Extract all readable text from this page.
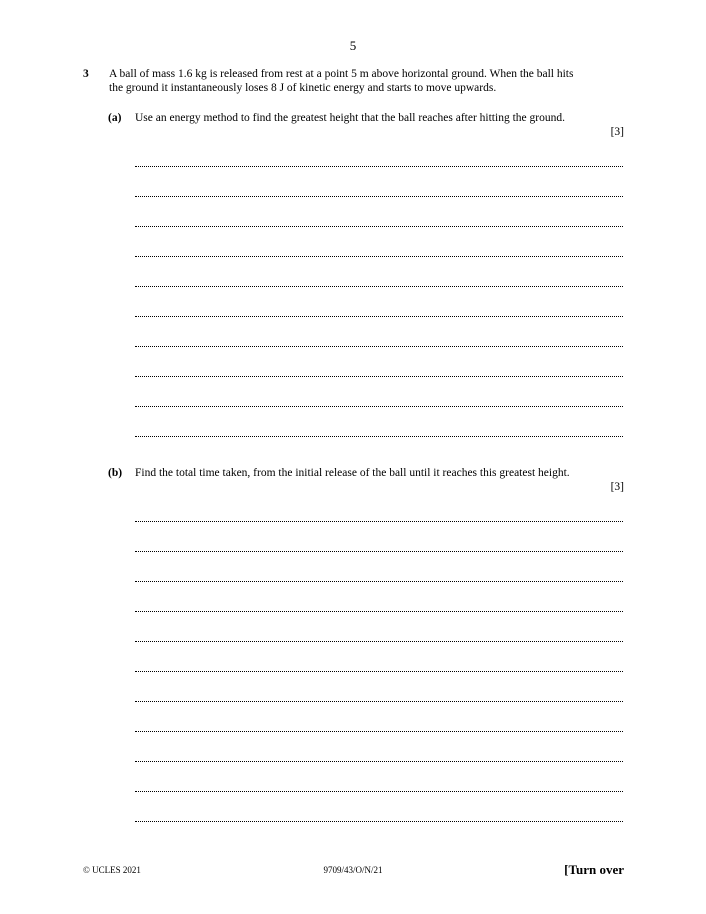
5
3 A ball of mass 1.6 kg is released from rest at a point 5 m above horizontal ground. When the ball hits
the ground it instantaneously loses 8 J of kinetic energy and starts to move upwards.
(a) Use an energy method to find the greatest height that the ball reaches after hitting the ground.
[3]
(b) Find the total time taken, from the initial release of the ball until it reaches this greatest height.
[3]
© UCLES 2021	9709/43/O/N/21	[Turn over
